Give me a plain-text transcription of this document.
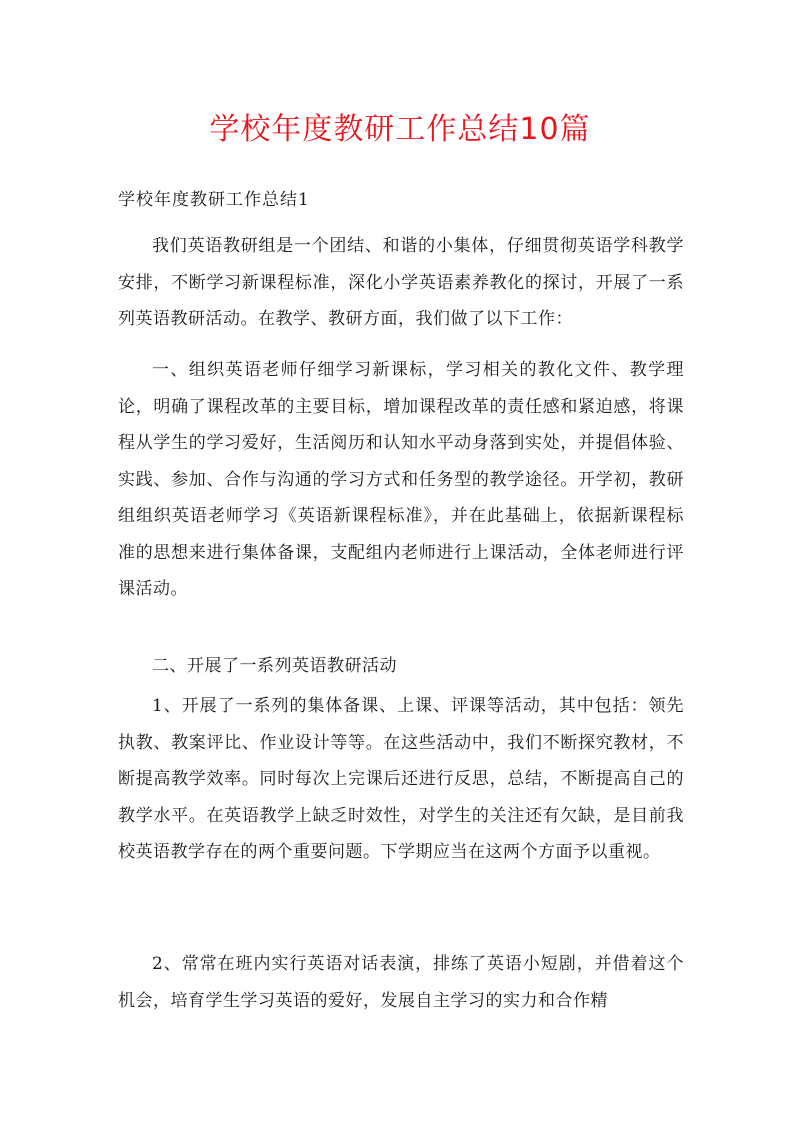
学校年度教研工作总结10篇
学校年度教研工作总结1

我们英语教研组是一个团结、和谐的小集体，仔细贯彻英语学科教学安排，不断学习新课程标准，深化小学英语素养教化的探讨，开展了一系列英语教研活动。在教学、教研方面，我们做了以下工作：

一、组织英语老师仔细学习新课标，学习相关的教化文件、教学理论，明确了课程改革的主要目标，增加课程改革的责任感和紧迫感，将课程从学生的学习爱好，生活阅历和认知水平动身落到实处，并提倡体验、实践、参加、合作与沟通的学习方式和任务型的教学途径。开学初，教研组组织英语老师学习《英语新课程标准》，并在此基础上，依据新课程标准的思想来进行集体备课，支配组内老师进行上课活动，全体老师进行评课活动。

二、开展了一系列英语教研活动

1、开展了一系列的集体备课、上课、评课等活动，其中包括：领先执教、教案评比、作业设计等等。在这些活动中，我们不断探究教材，不断提高教学效率。同时每次上完课后还进行反思，总结，不断提高自己的教学水平。在英语教学上缺乏时效性，对学生的关注还有欠缺，是目前我校英语教学存在的两个重要问题。下学期应当在这两个方面予以重视。

2、常常在班内实行英语对话表演，排练了英语小短剧，并借着这个机会，培育学生学习英语的爱好，发展自主学习的实力和合作精
